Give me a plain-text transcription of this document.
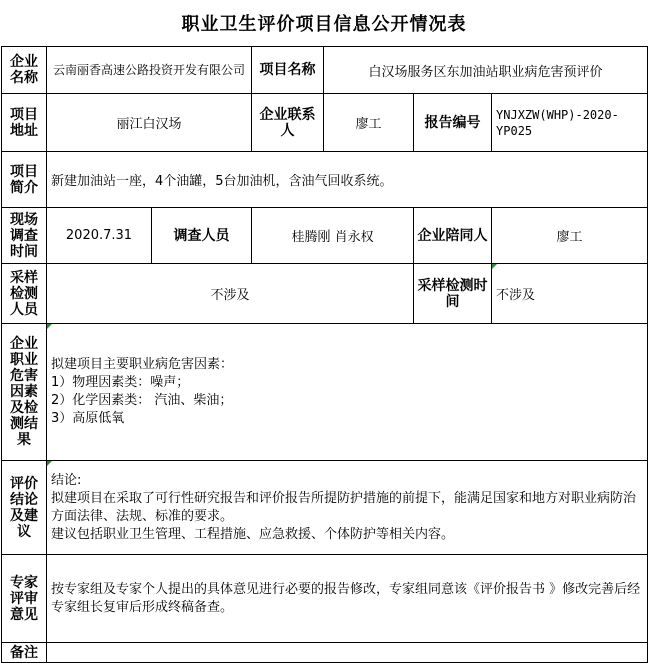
职业卫生评价项目信息公开情况表
企业名称	云南丽香高速公路投资开发有限公司		项目名称	白汉场服务区东加油站职业病危害预评价		
项目地址	丽江白汉场		企业联系人	廖工	报告编号	YNJXZW(WHP)-2020-YP025
项目简介	新建加油站一座，4个油罐，5台加油机，含油气回收系统。					
现场调查时间	2020.7.31	调查人员	桂腾刚 肖永权		企业陪同人	廖工
采样检测人员	不涉及				采样检测时间	不涉及
企业职业危害因素及检测结果	拟建项目主要职业病危害因素：
1）物理因素类：噪声；
2）化学因素类： 汽油、柴油；
3）高原低氧					

评价结论及建议	结论:
拟建项目在采取了可行性研究报告和评价报告所提防护措施的前提下，能满足国家和地方对职业病防治方面法律、法规、标准的要求。
建议包括职业卫生管理、工程措施、应急救援、个体防护等相关内容。					

专家评审意见	按专家组及专家个人提出的具体意见进行必要的报告修改，专家组同意该《评价报告书 》修改完善后经专家组长复审后形成终稿备查。					
备注						
